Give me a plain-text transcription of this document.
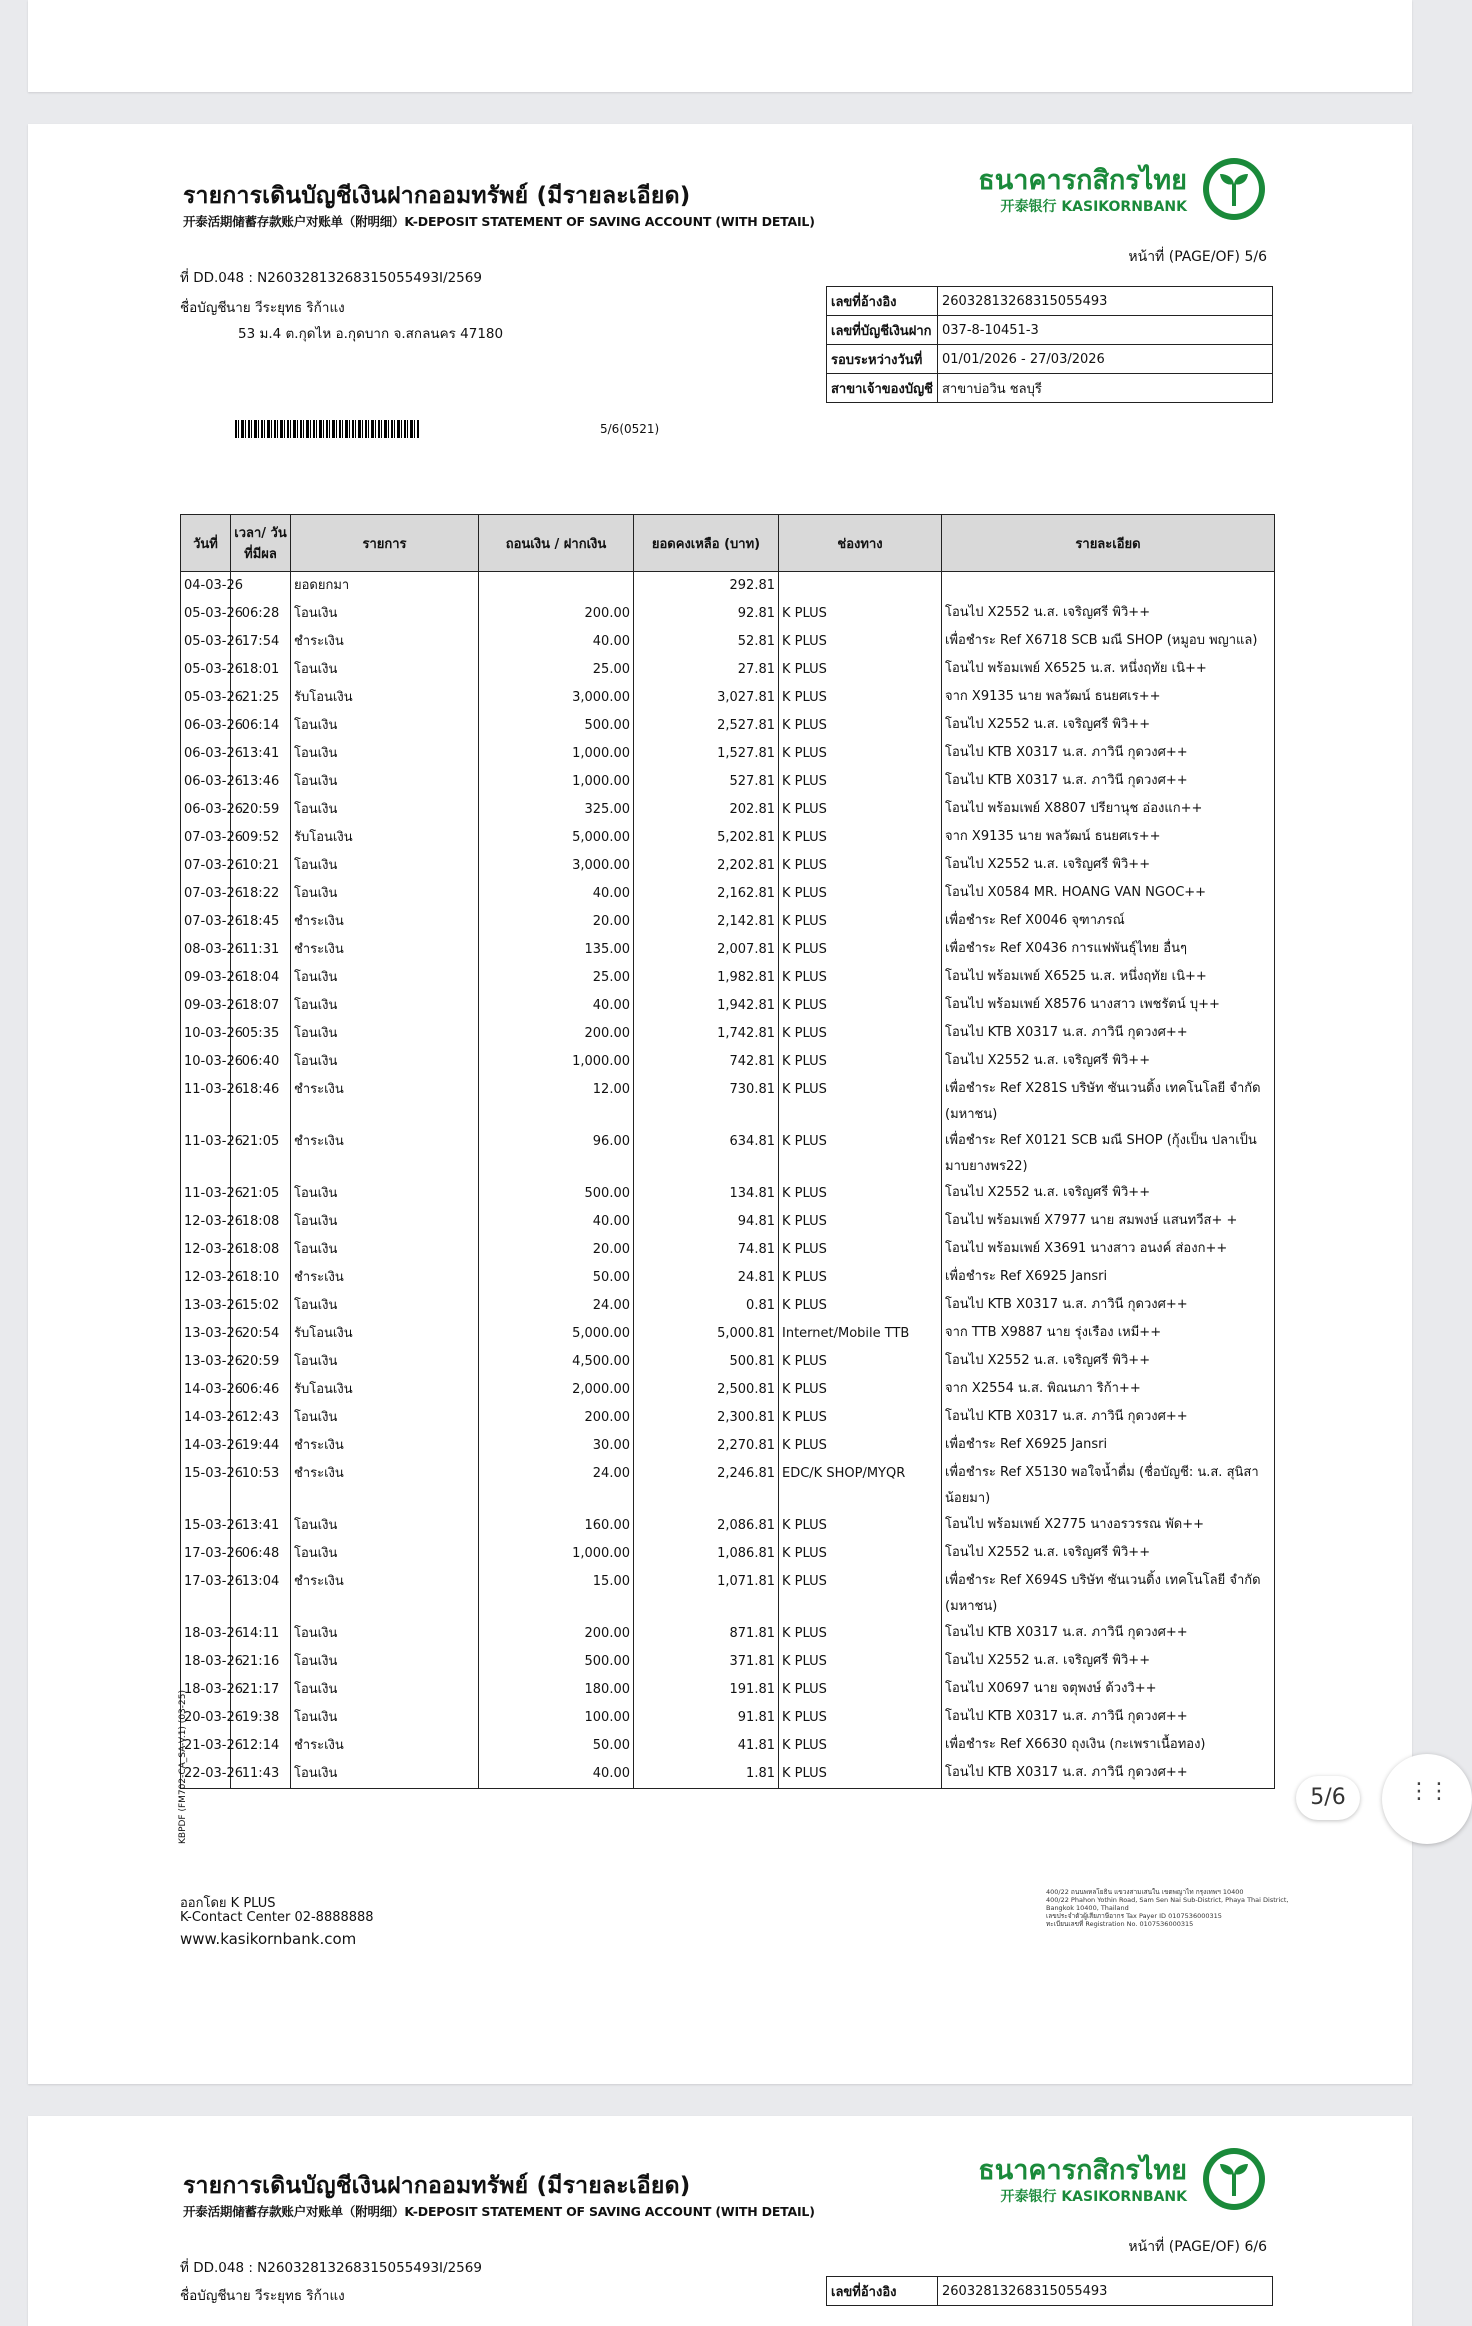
รายการเดินบัญชีเงินฝากออมทรัพย์ (มีรายละเอียด)
开泰活期储蓄存款账户对账单（附明细）K-DEPOSIT STATEMENT OF SAVING ACCOUNT (WITH DETAIL)
ธนาคารกสิกรไทย
开泰银行 KASIKORNBANK
หน้าที่ (PAGE/OF) 5/6
ที่ DD.048 : N26032813268315055493I/2569
ชื่อบัญชี นาย วีระยุทธ ริก้าแง
53 ม.4 ต.กุดไห อ.กุดบาก จ.สกลนคร 47180
เลขที่อ้างอิง	26032813268315055493
เลขที่บัญชีเงินฝาก	037-8-10451-3
รอบระหว่างวันที่	01/01/2026 - 27/03/2026
สาขาเจ้าของบัญชี	สาขาบ่อวิน ชลบุรี
5/6(0521)
วันที่	เวลา/ วันที่มีผล	รายการ	ถอนเงิน / ฝากเงิน	ยอดคงเหลือ (บาท)	ช่องทาง	รายละเอียด
04-03-26		ยอดยกมา		292.81		
05-03-26	06:28	โอนเงิน	200.00	92.81	K PLUS	โอนไป X2552 น.ส. เจริญศรี พิวิ++
05-03-26	17:54	ชำระเงิน	40.00	52.81	K PLUS	เพื่อชำระ Ref X6718 SCB มณี SHOP (หมูอบ พญาแล)
05-03-26	18:01	โอนเงิน	25.00	27.81	K PLUS	โอนไป พร้อมเพย์ X6525 น.ส. หนึ่งฤทัย เนิ++
05-03-26	21:25	รับโอนเงิน	3,000.00	3,027.81	K PLUS	จาก X9135 นาย พลวัฒน์ ธนยศเร++
06-03-26	06:14	โอนเงิน	500.00	2,527.81	K PLUS	โอนไป X2552 น.ส. เจริญศรี พิวิ++
06-03-26	13:41	โอนเงิน	1,000.00	1,527.81	K PLUS	โอนไป KTB X0317 น.ส. ภาวินี กุดวงศ++
06-03-26	13:46	โอนเงิน	1,000.00	527.81	K PLUS	โอนไป KTB X0317 น.ส. ภาวินี กุดวงศ++
06-03-26	20:59	โอนเงิน	325.00	202.81	K PLUS	โอนไป พร้อมเพย์ X8807 ปรียานุช อ่องแก++
07-03-26	09:52	รับโอนเงิน	5,000.00	5,202.81	K PLUS	จาก X9135 นาย พลวัฒน์ ธนยศเร++
07-03-26	10:21	โอนเงิน	3,000.00	2,202.81	K PLUS	โอนไป X2552 น.ส. เจริญศรี พิวิ++
07-03-26	18:22	โอนเงิน	40.00	2,162.81	K PLUS	โอนไป X0584 MR. HOANG VAN NGOC++
07-03-26	18:45	ชำระเงิน	20.00	2,142.81	K PLUS	เพื่อชำระ Ref X0046 จุฑาภรณ์
08-03-26	11:31	ชำระเงิน	135.00	2,007.81	K PLUS	เพื่อชำระ Ref X0436 การแฟพันธุ์ไทย อื่นๆ
09-03-26	18:04	โอนเงิน	25.00	1,982.81	K PLUS	โอนไป พร้อมเพย์ X6525 น.ส. หนึ่งฤทัย เนิ++
09-03-26	18:07	โอนเงิน	40.00	1,942.81	K PLUS	โอนไป พร้อมเพย์ X8576 นางสาว เพชรัตน์ บุ++
10-03-26	05:35	โอนเงิน	200.00	1,742.81	K PLUS	โอนไป KTB X0317 น.ส. ภาวินี กุดวงศ++
10-03-26	06:40	โอนเงิน	1,000.00	742.81	K PLUS	โอนไป X2552 น.ส. เจริญศรี พิวิ++
11-03-26	18:46	ชำระเงิน	12.00	730.81	K PLUS	เพื่อชำระ Ref X281S บริษัท ซันเวนดิ้ง เทคโนโลยี จำกัด (มหาชน)
11-03-26	21:05	ชำระเงิน	96.00	634.81	K PLUS	เพื่อชำระ Ref X0121 SCB มณี SHOP (กุ้งเป็น ปลาเป็น มาบยางพร22)
11-03-26	21:05	โอนเงิน	500.00	134.81	K PLUS	โอนไป X2552 น.ส. เจริญศรี พิวิ++
12-03-26	18:08	โอนเงิน	40.00	94.81	K PLUS	โอนไป พร้อมเพย์ X7977 นาย สมพงษ์ แสนทวีส+ +
12-03-26	18:08	โอนเงิน	20.00	74.81	K PLUS	โอนไป พร้อมเพย์ X3691 นางสาว อนงค์ ส่องก++
12-03-26	18:10	ชำระเงิน	50.00	24.81	K PLUS	เพื่อชำระ Ref X6925 Jansri
13-03-26	15:02	โอนเงิน	24.00	0.81	K PLUS	โอนไป KTB X0317 น.ส. ภาวินี กุดวงศ++
13-03-26	20:54	รับโอนเงิน	5,000.00	5,000.81	Internet/Mobile TTB	จาก TTB X9887 นาย รุ่งเรือง เหมี++
13-03-26	20:59	โอนเงิน	4,500.00	500.81	K PLUS	โอนไป X2552 น.ส. เจริญศรี พิวิ++
14-03-26	06:46	รับโอนเงิน	2,000.00	2,500.81	K PLUS	จาก X2554 น.ส. พิณนภา ริก้า++
14-03-26	12:43	โอนเงิน	200.00	2,300.81	K PLUS	โอนไป KTB X0317 น.ส. ภาวินี กุดวงศ++
14-03-26	19:44	ชำระเงิน	30.00	2,270.81	K PLUS	เพื่อชำระ Ref X6925 Jansri
15-03-26	10:53	ชำระเงิน	24.00	2,246.81	EDC/K SHOP/MYQR	เพื่อชำระ Ref X5130 พอใจน้ำดื่ม (ชื่อบัญชี: น.ส. สุนิสา น้อยมา)
15-03-26	13:41	โอนเงิน	160.00	2,086.81	K PLUS	โอนไป พร้อมเพย์ X2775 นางอรวรรณ พัด++
17-03-26	06:48	โอนเงิน	1,000.00	1,086.81	K PLUS	โอนไป X2552 น.ส. เจริญศรี พิวิ++
17-03-26	13:04	ชำระเงิน	15.00	1,071.81	K PLUS	เพื่อชำระ Ref X694S บริษัท ซันเวนดิ้ง เทคโนโลยี จำกัด (มหาชน)
18-03-26	14:11	โอนเงิน	200.00	871.81	K PLUS	โอนไป KTB X0317 น.ส. ภาวินี กุดวงศ++
18-03-26	21:16	โอนเงิน	500.00	371.81	K PLUS	โอนไป X2552 น.ส. เจริญศรี พิวิ++
18-03-26	21:17	โอนเงิน	180.00	191.81	K PLUS	โอนไป X0697 นาย จตุพงษ์ ด้วงวิ++
20-03-26	19:38	โอนเงิน	100.00	91.81	K PLUS	โอนไป KTB X0317 น.ส. ภาวินี กุดวงศ++
21-03-26	12:14	ชำระเงิน	50.00	41.81	K PLUS	เพื่อชำระ Ref X6630 ถุงเงิน (กะเพราเนื้อทอง)
22-03-26	11:43	โอนเงิน	40.00	1.81	K PLUS	โอนไป KTB X0317 น.ส. ภาวินี กุดวงศ++
KBPDF (FM702-CA_SA-V.1) (03-25)
ออกโดย K PLUS
K-Contact Center 02-8888888
www.kasikornbank.com
400/22 ถนนพหลโยธิน แขวงสามเสนใน เขตพญาไท กรุงเทพฯ 10400
400/22 Phahon Yothin Road, Sam Sen Nai Sub-District, Phaya Thai District, Bangkok 10400, Thailand
เลขประจำตัวผู้เสียภาษีอากร Tax Payer ID 0107536000315
ทะเบียนเลขที่ Registration No. 0107536000315
รายการเดินบัญชีเงินฝากออมทรัพย์ (มีรายละเอียด)
开泰活期储蓄存款账户对账单（附明细）K-DEPOSIT STATEMENT OF SAVING ACCOUNT (WITH DETAIL)
ธนาคารกสิกรไทย
开泰银行 KASIKORNBANK
หน้าที่ (PAGE/OF) 6/6
ที่ DD.048 : N26032813268315055493I/2569
ชื่อบัญชี นาย วีระยุทธ ริก้าแง	เลขที่อ้างอิง	26032813268315055493
5/6	⋮⋮
